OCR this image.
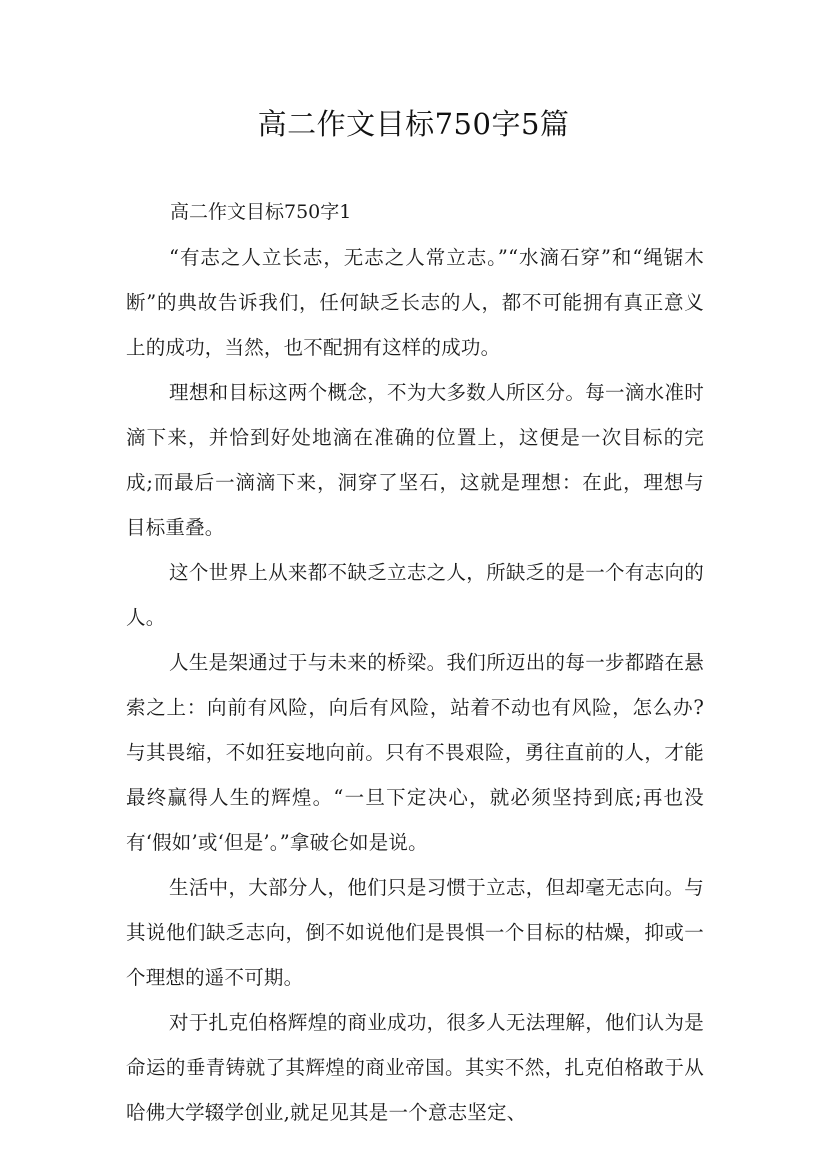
高二作文目标750字5篇
高二作文目标750字1

“有志之人立长志，无志之人常立志。”“水滴石穿”和“绳锯木断”的典故告诉我们，任何缺乏长志的人，都不可能拥有真正意义上的成功，当然，也不配拥有这样的成功。

理想和目标这两个概念，不为大多数人所区分。每一滴水准时滴下来，并恰到好处地滴在准确的位置上，这便是一次目标的完成;而最后一滴滴下来，洞穿了坚石，这就是理想：在此，理想与目标重叠。

这个世界上从来都不缺乏立志之人，所缺乏的是一个有志向的人。

人生是架通过于与未来的桥梁。我们所迈出的每一步都踏在悬索之上：向前有风险，向后有风险，站着不动也有风险，怎么办?与其畏缩，不如狂妄地向前。只有不畏艰险，勇往直前的人，才能最终赢得人生的辉煌。“一旦下定决心，就必须坚持到底;再也没有‘假如’或‘但是’。”拿破仑如是说。

生活中，大部分人，他们只是习惯于立志，但却毫无志向。与其说他们缺乏志向，倒不如说他们是畏惧一个目标的枯燥，抑或一个理想的遥不可期。

对于扎克伯格辉煌的商业成功，很多人无法理解，他们认为是命运的垂青铸就了其辉煌的商业帝国。其实不然，扎克伯格敢于从哈佛大学辍学创业,就足见其是一个意志坚定、
